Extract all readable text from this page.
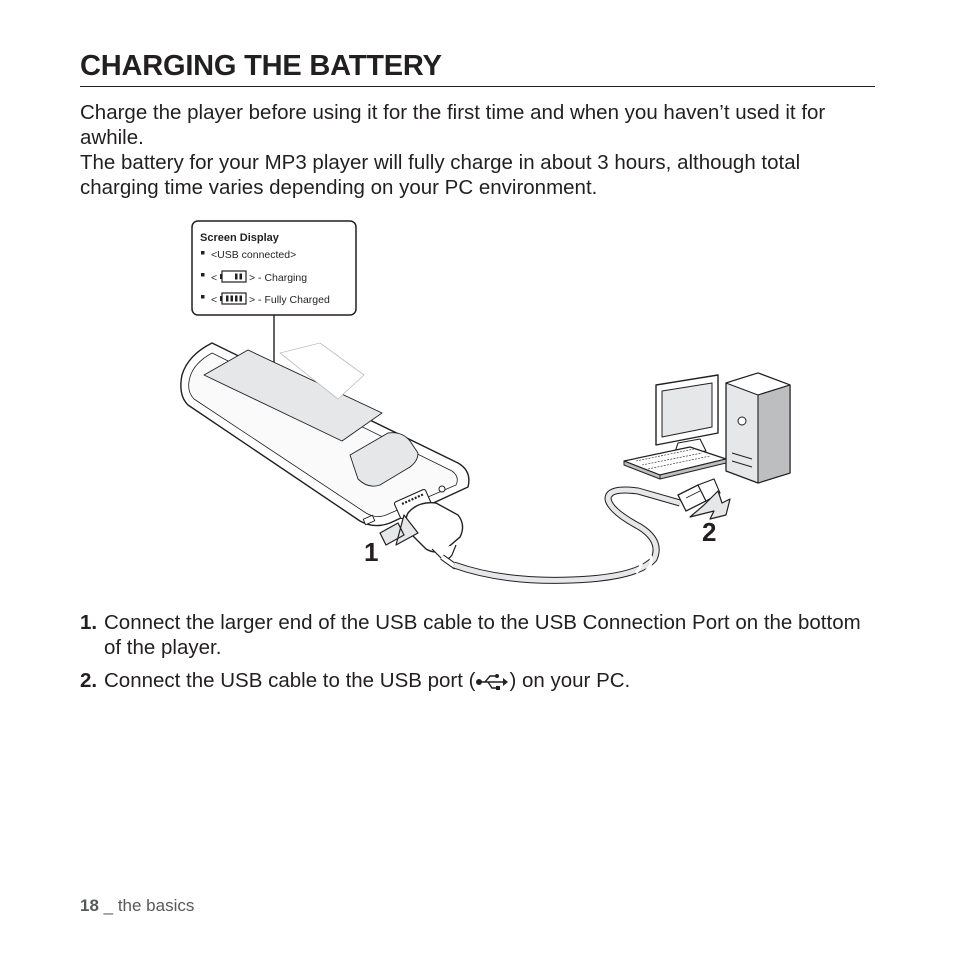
CHARGING THE BATTERY

Charge the player before using it for the first time and when you haven’t used it for awhile.

The battery for your MP3 player will fully charge in about 3 hours, although total charging time varies depending on your PC environment.

Screen Display
<USB connected>
<	> - Charging
<	> - Fully Charged
1
2
1. Connect the larger end of the USB cable to the USB Connection Port on the bottom of the player.
2. Connect the USB cable to the USB port ( ) on your PC.
18 _ the basics
